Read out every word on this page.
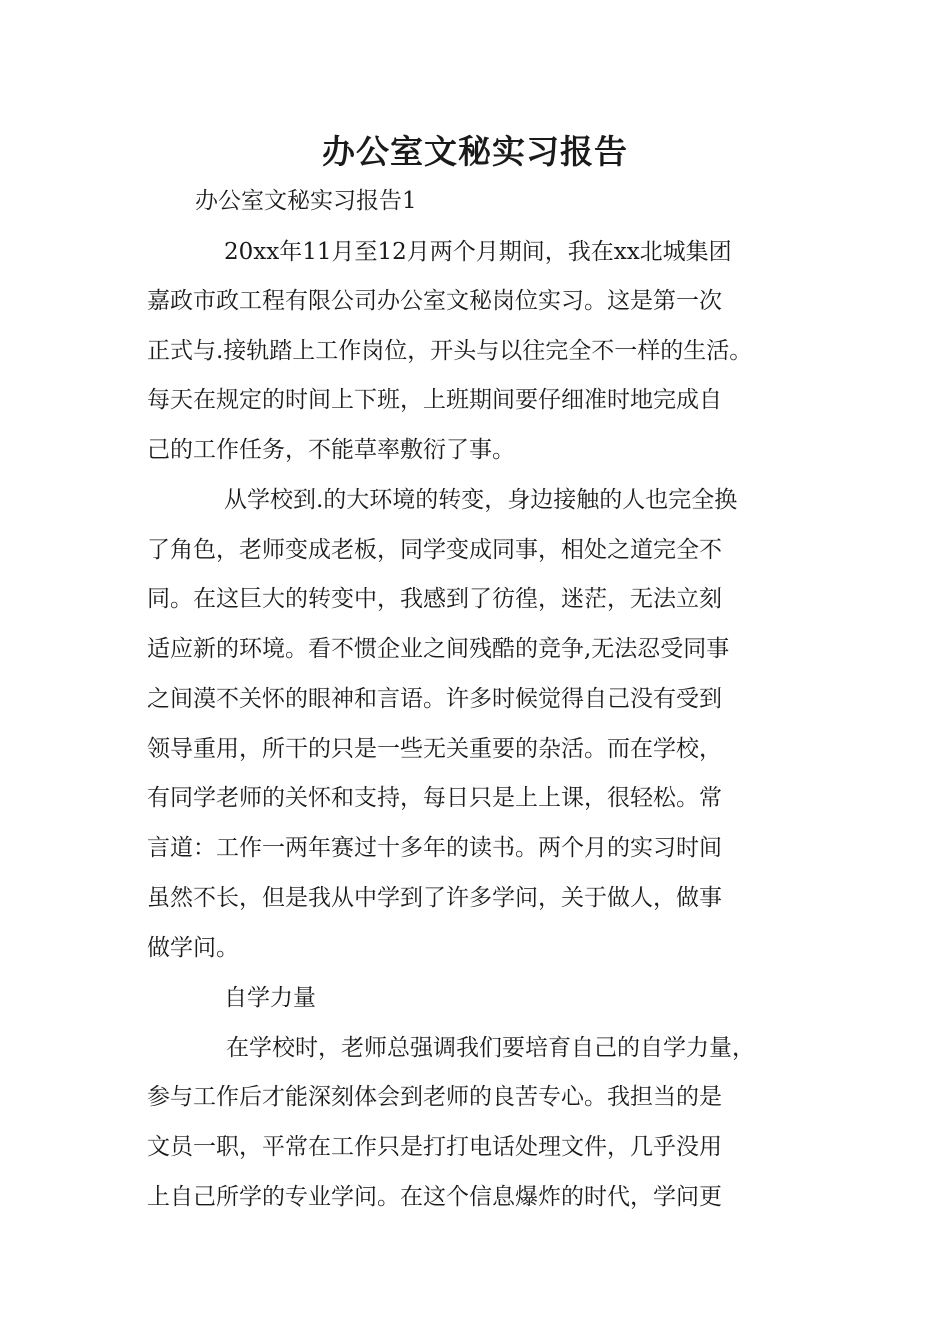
办公室文秘实习报告
办公室文秘实习报告1
20xx年11月至12月两个月期间，我在xx北城集团
嘉政市政工程有限公司办公室文秘岗位实习。这是第一次
正式与.接轨踏上工作岗位，开头与以往完全不一样的生活。
每天在规定的时间上下班，上班期间要仔细准时地完成自
己的工作任务，不能草率敷衍了事。
从学校到.的大环境的转变，身边接触的人也完全换
了角色，老师变成老板，同学变成同事，相处之道完全不
同。在这巨大的转变中，我感到了彷徨，迷茫，无法立刻
适应新的环境。看不惯企业之间残酷的竞争,无法忍受同事
之间漠不关怀的眼神和言语。许多时候觉得自己没有受到
领导重用，所干的只是一些无关重要的杂活。而在学校，
有同学老师的关怀和支持，每日只是上上课，很轻松。常
言道：工作一两年赛过十多年的读书。两个月的实习时间
虽然不长，但是我从中学到了许多学问，关于做人，做事
做学问。
自学力量
在学校时，老师总强调我们要培育自己的自学力量，
参与工作后才能深刻体会到老师的良苦专心。我担当的是
文员一职，平常在工作只是打打电话处理文件，几乎没用
上自己所学的专业学问。在这个信息爆炸的时代，学问更
